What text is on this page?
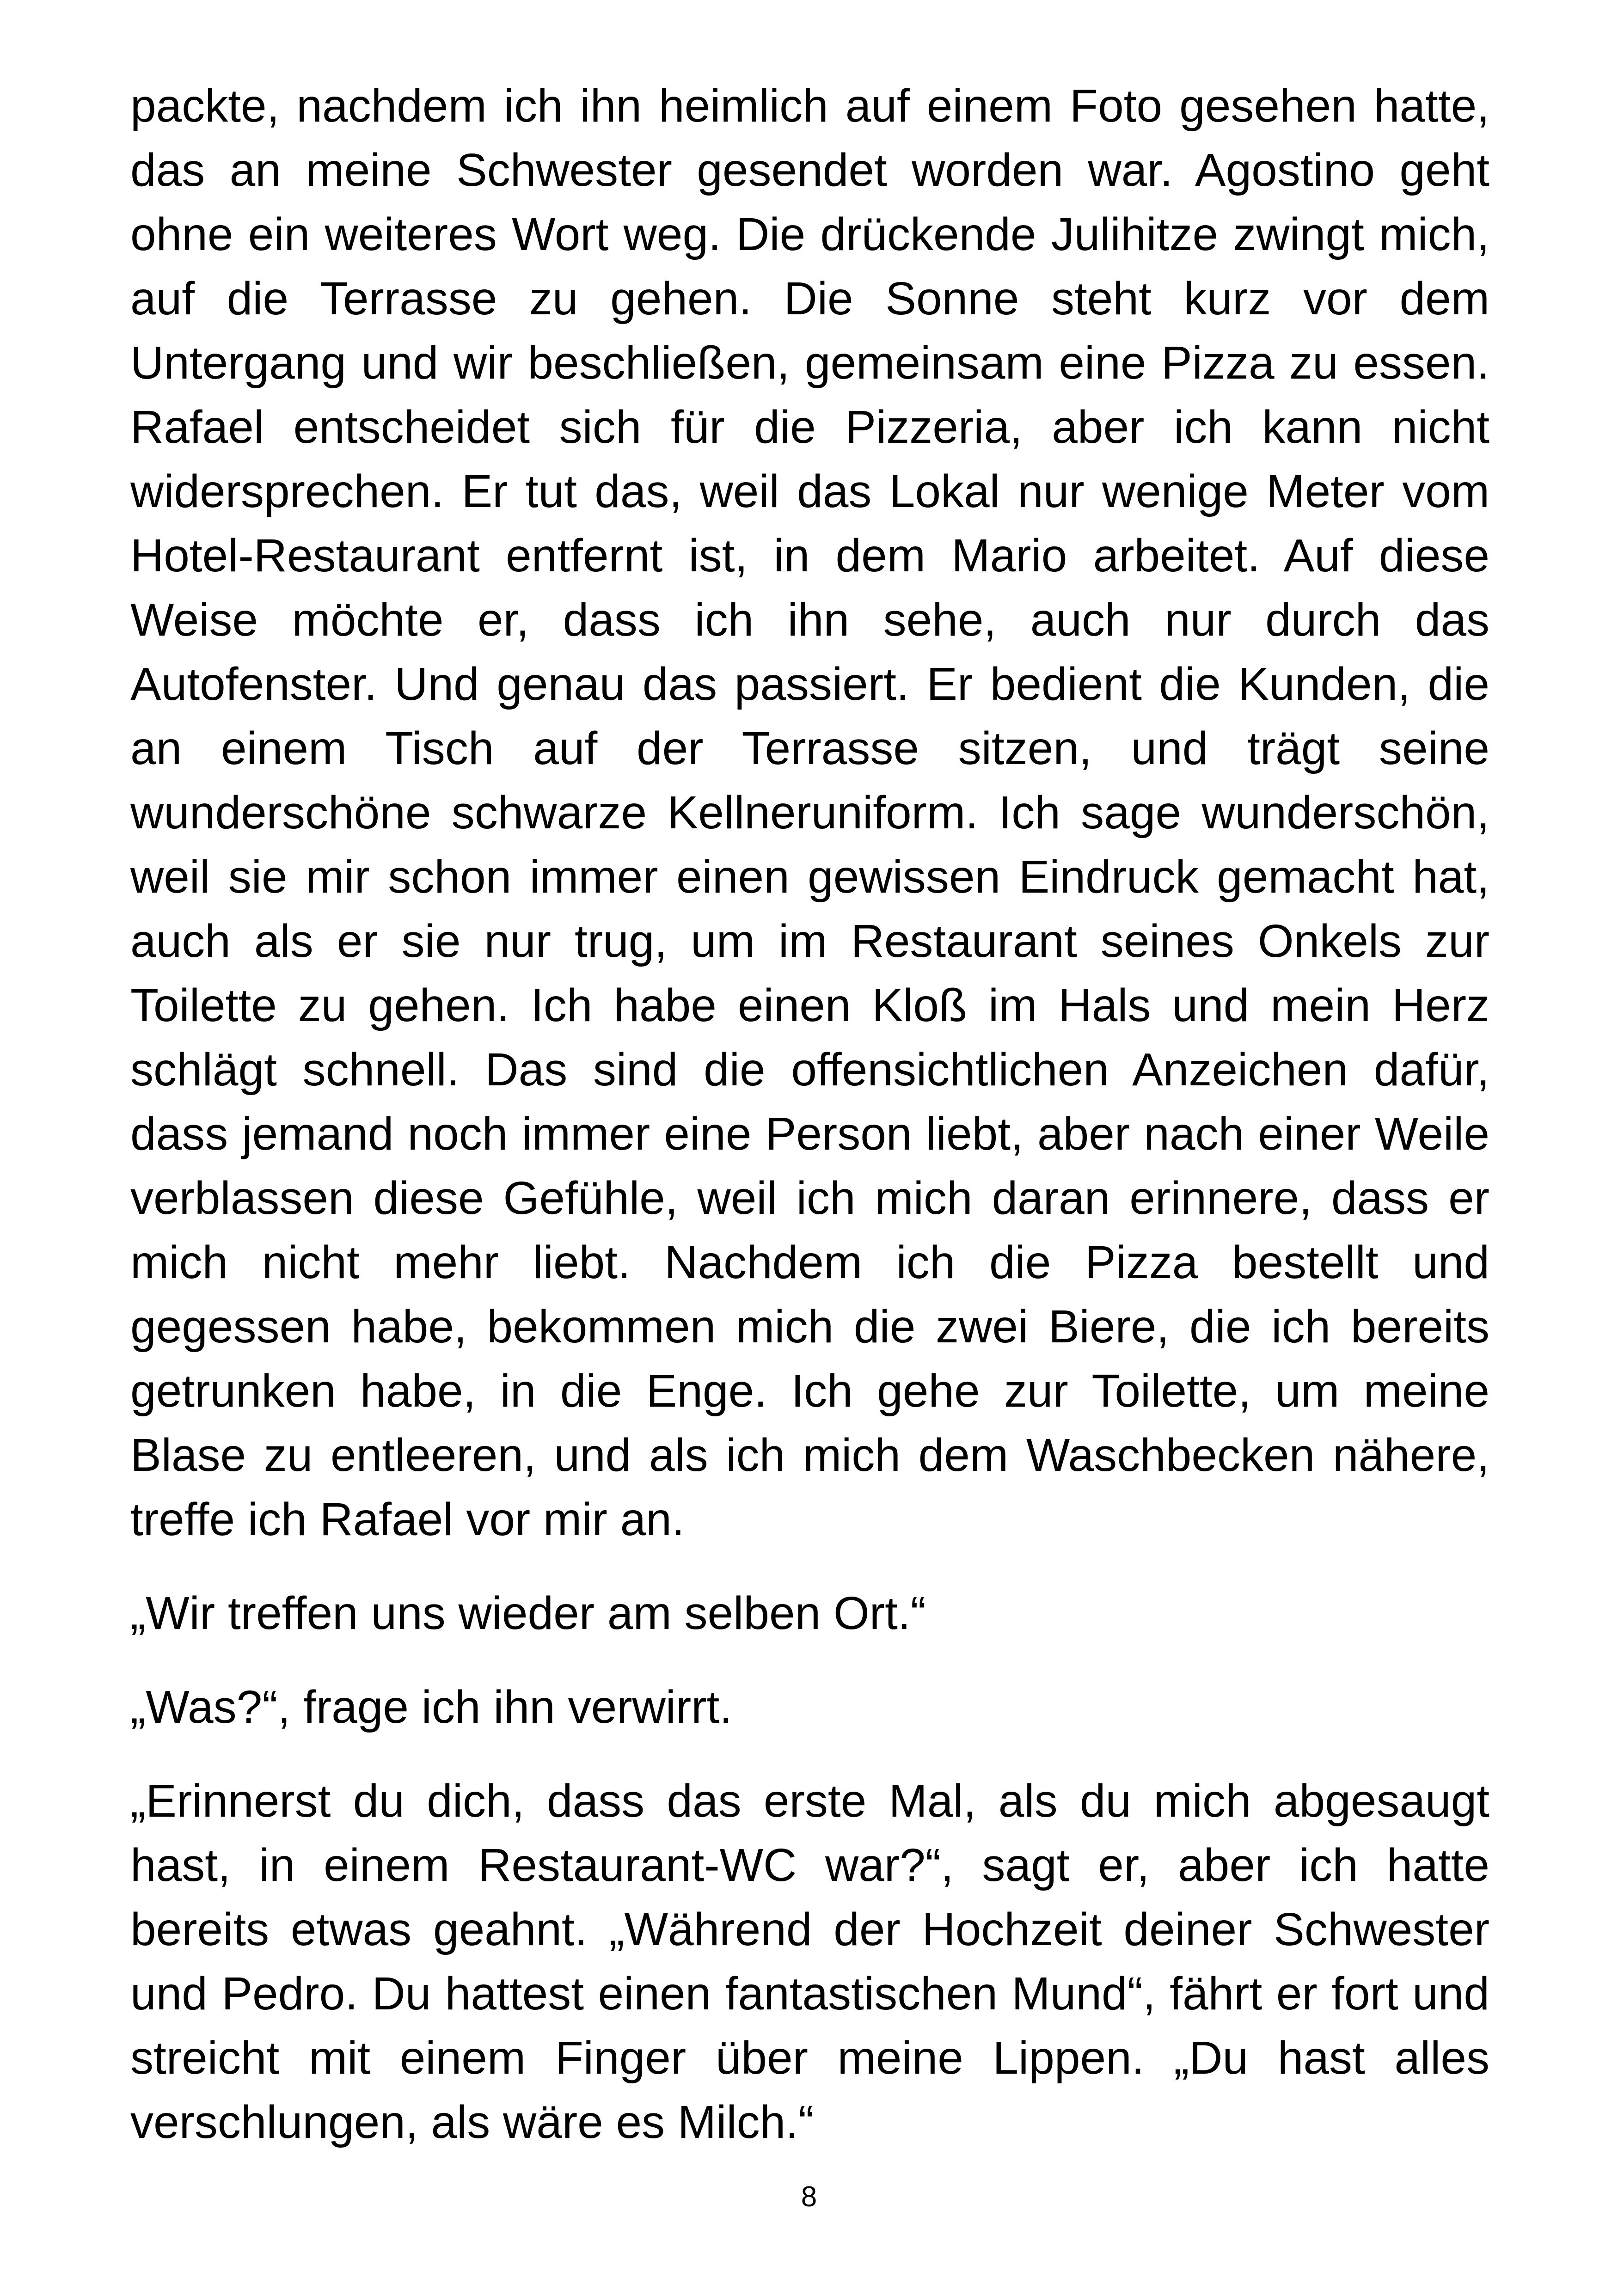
packte, nachdem ich ihn heimlich auf einem Foto gesehen hatte, das an meine Schwester gesendet worden war. Agostino geht ohne ein weiteres Wort weg. Die drückende Julihitze zwingt mich, auf die Terrasse zu gehen. Die Sonne steht kurz vor dem Untergang und wir beschließen, gemeinsam eine Pizza zu essen. Rafael entscheidet sich für die Pizzeria, aber ich kann nicht widersprechen. Er tut das, weil das Lokal nur wenige Meter vom Hotel-Restaurant entfernt ist, in dem Mario arbeitet. Auf diese Weise möchte er, dass ich ihn sehe, auch nur durch das Autofenster. Und genau das passiert. Er bedient die Kunden, die an einem Tisch auf der Terrasse sitzen, und trägt seine wunderschöne schwarze Kellneruniform. Ich sage wunderschön, weil sie mir schon immer einen gewissen Eindruck gemacht hat, auch als er sie nur trug, um im Restaurant seines Onkels zur Toilette zu gehen. Ich habe einen Kloß im Hals und mein Herz schlägt schnell. Das sind die offensichtlichen Anzeichen dafür, dass jemand noch immer eine Person liebt, aber nach einer Weile verblassen diese Gefühle, weil ich mich daran erinnere, dass er mich nicht mehr liebt. Nachdem ich die Pizza bestellt und gegessen habe, bekommen mich die zwei Biere, die ich bereits getrunken habe, in die Enge. Ich gehe zur Toilette, um meine Blase zu entleeren, und als ich mich dem Waschbecken nähere, treffe ich Rafael vor mir an.

„Wir treffen uns wieder am selben Ort.“

„Was?“, frage ich ihn verwirrt.

„Erinnerst du dich, dass das erste Mal, als du mich abgesaugt hast, in einem Restaurant-WC war?“, sagt er, aber ich hatte bereits etwas geahnt. „Während der Hochzeit deiner Schwester und Pedro. Du hattest einen fantastischen Mund“, fährt er fort und streicht mit einem Finger über meine Lippen. „Du hast alles verschlungen, als wäre es Milch.“

8
